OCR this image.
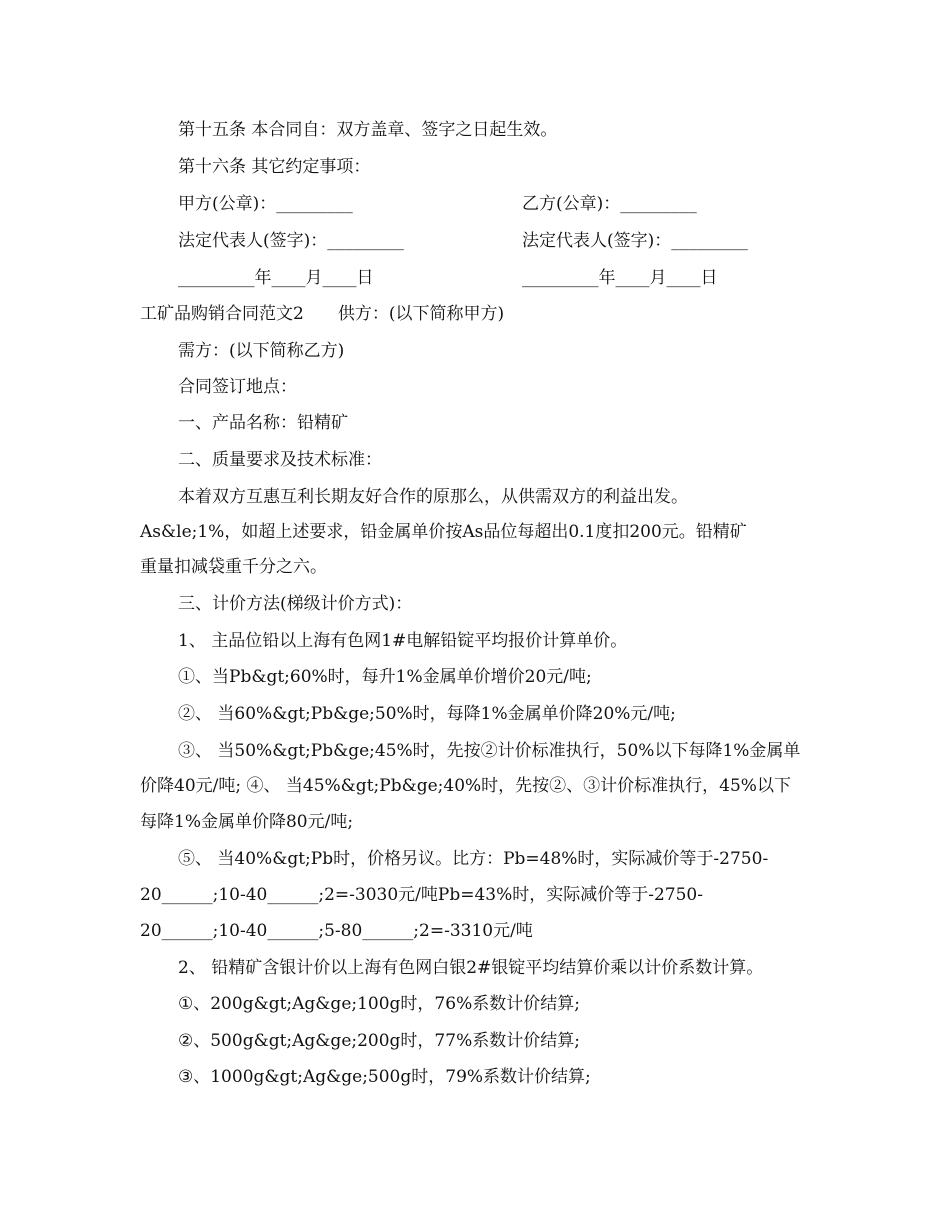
第十五条 本合同自：双方盖章、签字之日起生效。
第十六条 其它约定事项：
甲方(公章)：_________	乙方(公章)：_________
法定代表人(签字)：_________	法定代表人(签字)：_________
_________年____月____日	_________年____月____日
工矿品购销合同范文2　　供方：(以下简称甲方)
需方：(以下简称乙方)
合同签订地点：
一、产品名称：铅精矿
二、质量要求及技术标准：
本着双方互惠互利长期友好合作的原那么，从供需双方的利益出发。
As&le;1%，如超上述要求，铅金属单价按As品位每超出0.1度扣200元。铅精矿
重量扣减袋重千分之六。
三、计价方法(梯级计价方式)：
1、 主品位铅以上海有色网1#电解铅锭平均报价计算单价。
①、当Pb&gt;60%时，每升1%金属单价增价20元/吨;
②、 当60%&gt;Pb&ge;50%时，每降1%金属单价降20%元/吨;
③、 当50%&gt;Pb&ge;45%时，先按②计价标准执行，50%以下每降1%金属单
价降40元/吨; ④、 当45%&gt;Pb&ge;40%时，先按②、③计价标准执行，45%以下
每降1%金属单价降80元/吨;
⑤、 当40%&gt;Pb时，价格另议。比方：Pb=48%时，实际减价等于-2750-
20______;10-40______;2=-3030元/吨Pb=43%时，实际减价等于-2750-
20______;10-40______;5-80______;2=-3310元/吨
2、 铅精矿含银计价以上海有色网白银2#银锭平均结算价乘以计价系数计算。
①、200g&gt;Ag&ge;100g时，76%系数计价结算;
②、500g&gt;Ag&ge;200g时，77%系数计价结算;
③、1000g&gt;Ag&ge;500g时，79%系数计价结算;
